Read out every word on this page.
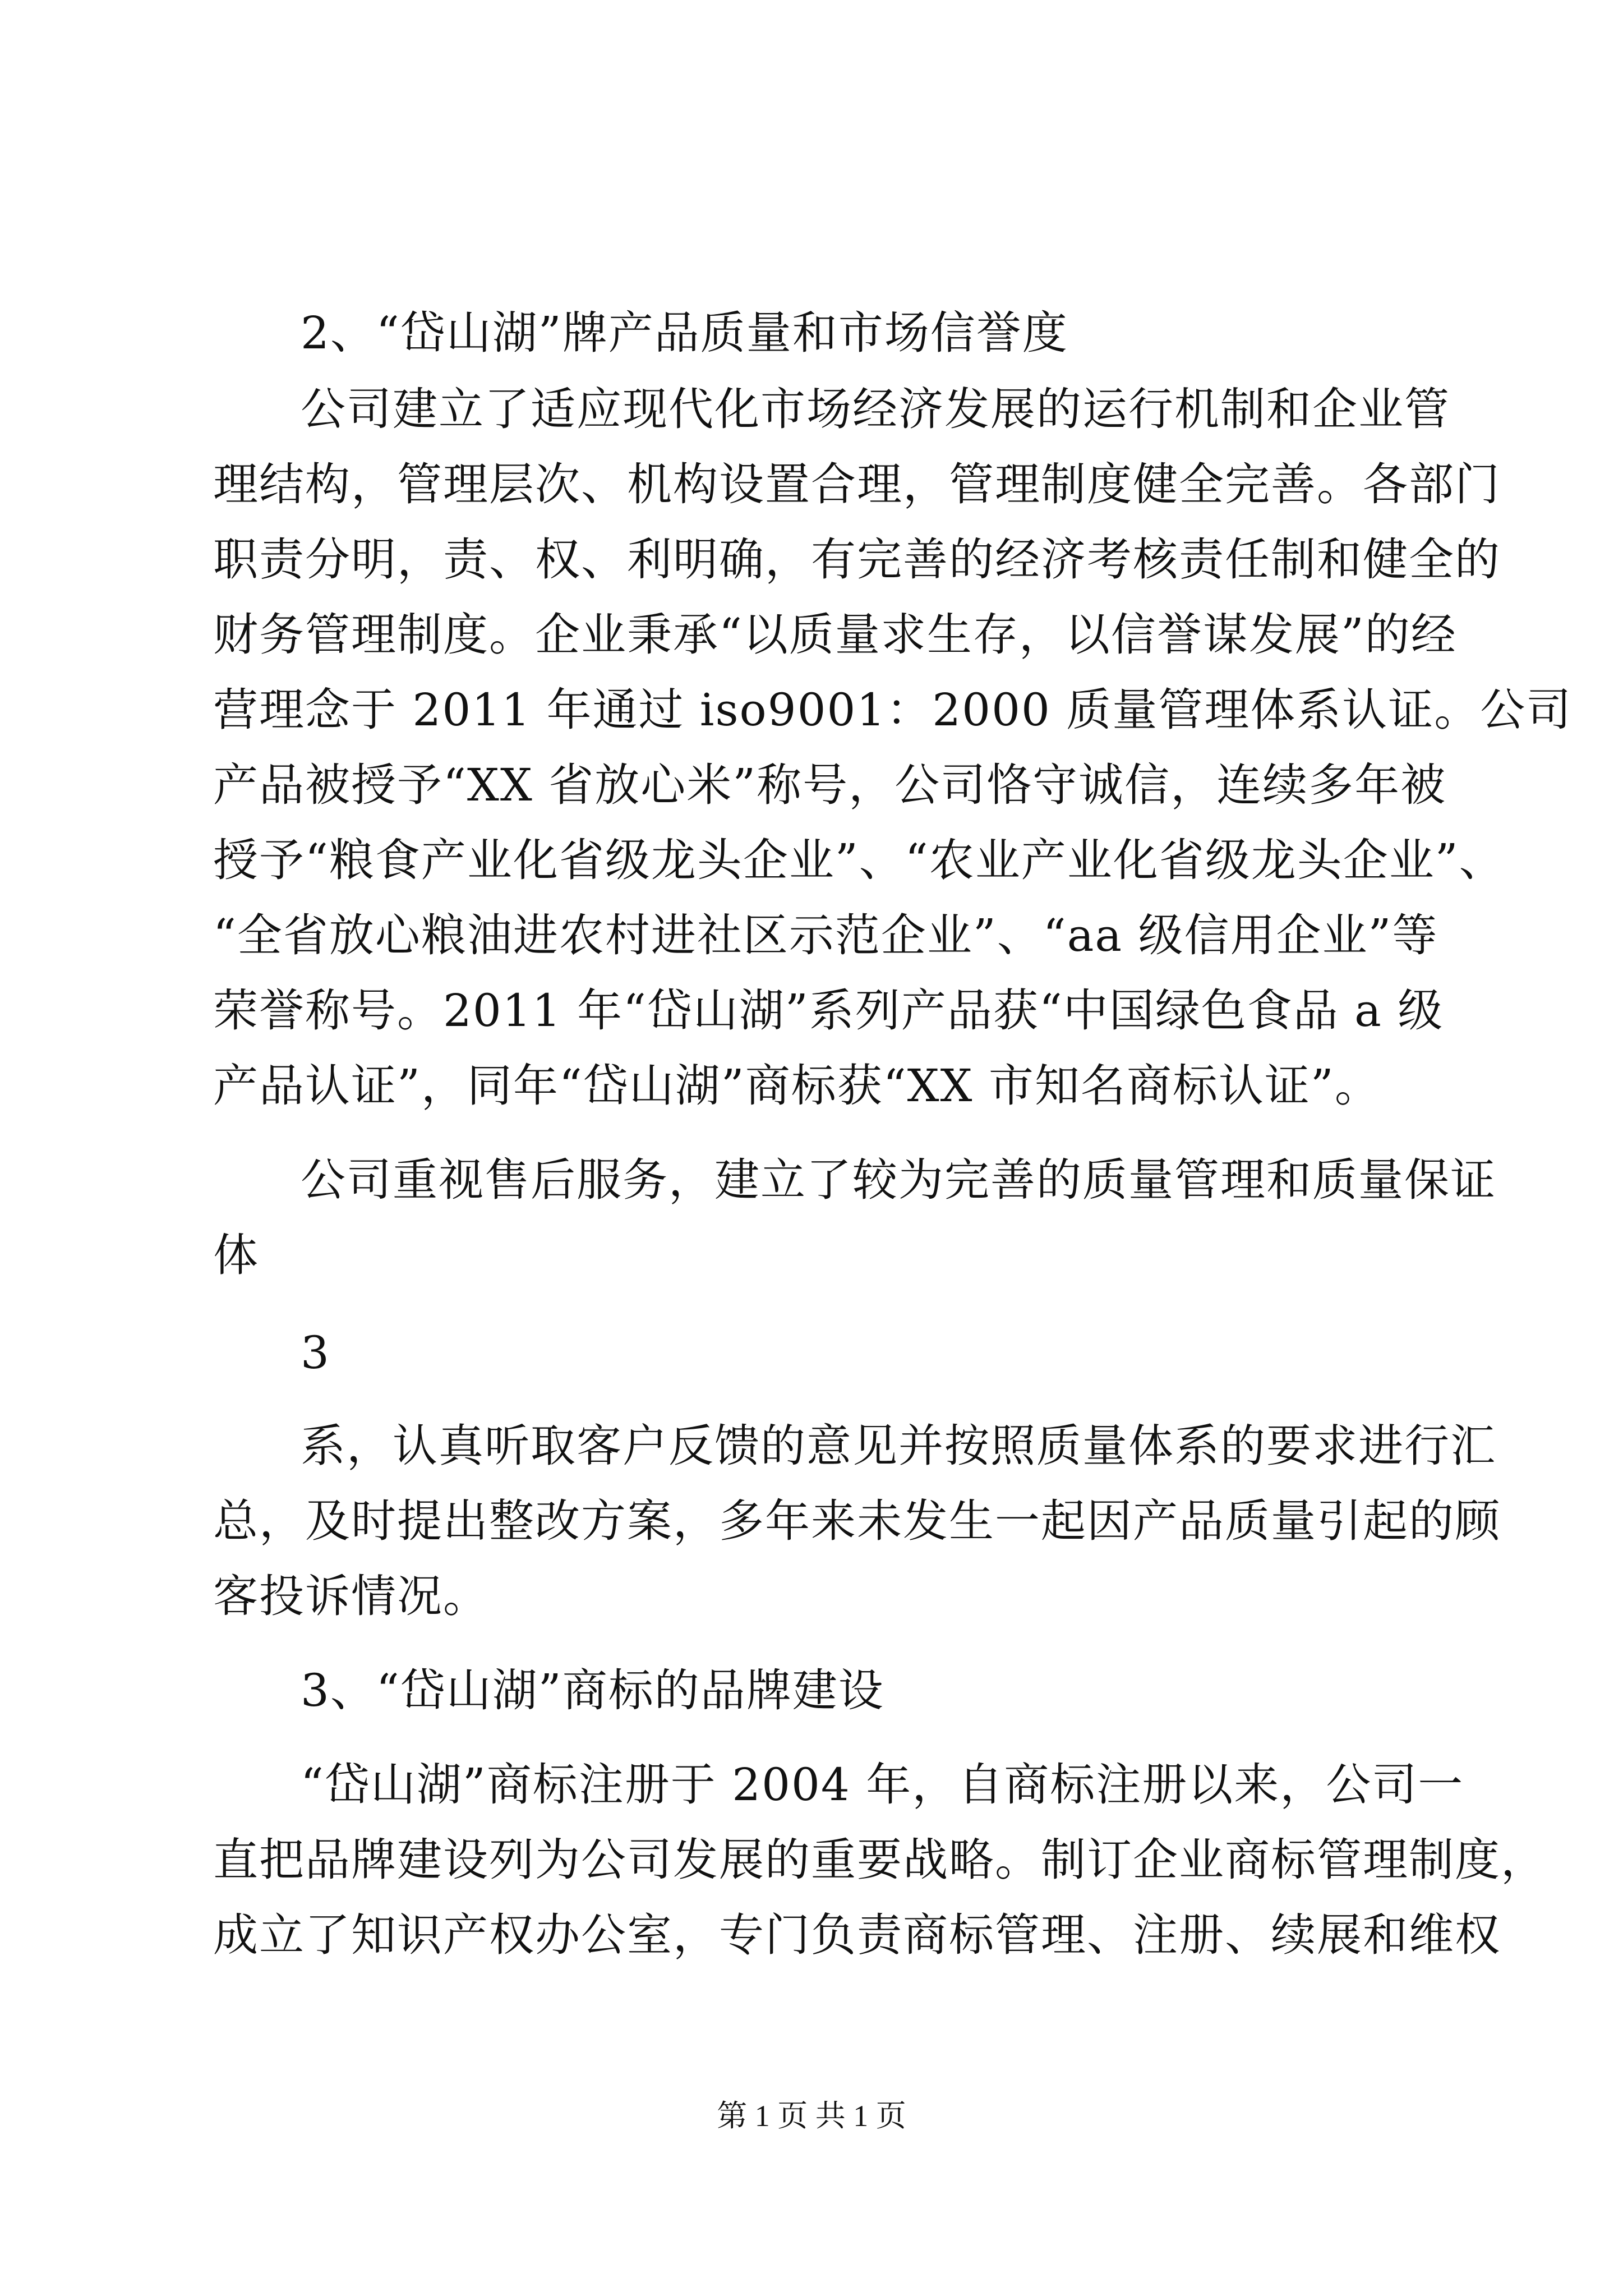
2、“岱山湖”牌产品质量和市场信誉度
公司建立了适应现代化市场经济发展的运行机制和企业管
理结构，管理层次、机构设置合理，管理制度健全完善。各部门
职责分明，责、权、利明确，有完善的经济考核责任制和健全的
财务管理制度。企业秉承“以质量求生存，以信誉谋发展”的经
营理念于 2011 年通过 iso9001：2000 质量管理体系认证。公司
产品被授予“XX 省放心米”称号，公司恪守诚信，连续多年被
授予“粮食产业化省级龙头企业”、“农业产业化省级龙头企业”、
“全省放心粮油进农村进社区示范企业”、“aa 级信用企业”等
荣誉称号。2011 年“岱山湖”系列产品获“中国绿色食品 a 级
产品认证”，同年“岱山湖”商标获“XX 市知名商标认证”。
公司重视售后服务，建立了较为完善的质量管理和质量保证
体
3
系，认真听取客户反馈的意见并按照质量体系的要求进行汇
总，及时提出整改方案，多年来未发生一起因产品质量引起的顾
客投诉情况。
3、“岱山湖”商标的品牌建设
“岱山湖”商标注册于 2004 年，自商标注册以来，公司一
直把品牌建设列为公司发展的重要战略。制订企业商标管理制度，
成立了知识产权办公室，专门负责商标管理、注册、续展和维权
第 1 页 共 1 页
